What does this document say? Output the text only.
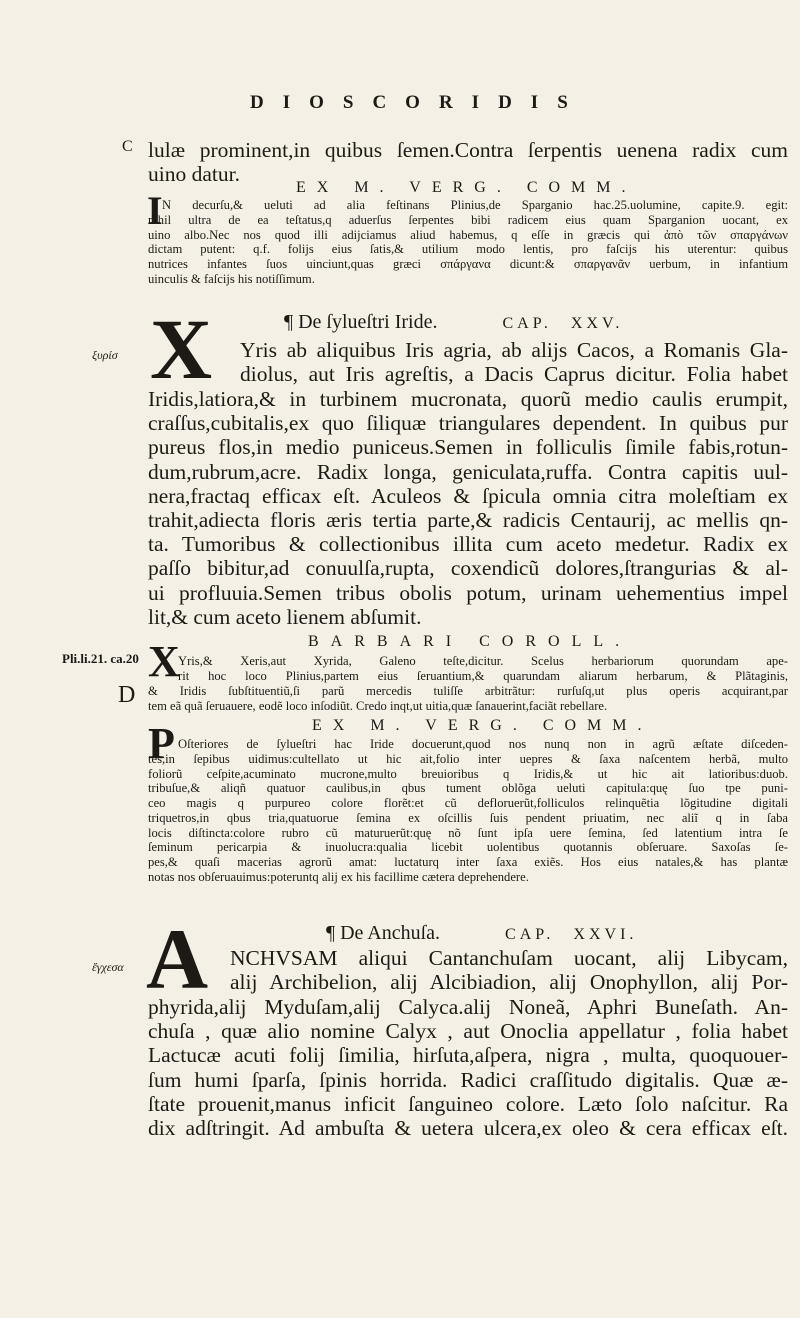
DIOSCORIDIS
C
ξυρίσ
Pli.li.21. ca.20
D
ἔγχεσα
lulæ prominent,in quibus ſemen.Contra ſerpentis uenena radix cum
uino datur.
EX M. VERG. COMM.
I N decurſu,& ueluti ad alia feſtinans Plinius,de Sparganio hac.25.uolumine, capite.9. egit:
nihil ultra de ea teſtatus,q aduerſus ſerpentes bibi radicem eius quam Sparganion uocant, ex
uino albo.Nec nos quod illi adijciamus aliud habemus, q eſſe in græcis qui ἀπὸ τῶν σπαργάνων
dictam putent: q.f. folijs eius ſatis,& utilium modo lentis, pro faſcijs his uterentur: quibus
nutrices infantes ſuos uinciunt,quas græci σπάργανα dicunt:& σπαργανᾶν uerbum, in infantium
uinculis & faſcijs his notiſſimum.
¶ De ſylueſtri Iride.	CAP. XXV.
X Yris ab aliquibus Iris agria, ab alijs Cacos, a Romanis Gla-
diolus, aut Iris agreſtis, a Dacis Caprus dicitur. Folia habet
Iridis,latiora,& in turbinem mucronata, quorũ medio caulis erumpit,
craſſus,cubitalis,ex quo ſiliquæ triangulares dependent. In quibus pur
pureus flos,in medio puniceus.Semen in folliculis ſimile fabis,rotun-
dum,rubrum,acre. Radix longa, geniculata,ruffa. Contra capitis uul-
nera,fractaq efficax eſt. Aculeos & ſpicula omnia citra moleſtiam ex
trahit,adiecta floris æris tertia parte,& radicis Centaurij, ac mellis qn-
ta. Tumoribus & collectionibus illita cum aceto medetur. Radix ex
paſſo bibitur,ad conuulſa,rupta, coxendicũ dolores,ſtrangurias & al-
ui profluuia.Semen tribus obolis potum, urinam uehementius impel
lit,& cum aceto lienem abſumit.
BARBARI COROLL.
X
Yris,& Xeris,aut Xyrida, Galeno teſte,dicitur. Scelus herbariorum quorundam ape-
rit hoc loco Plinius,partem eius ſeruantium,& quarundam aliarum herbarum, & Plãtaginis,
& Iridis ſubſtituentiũ,ſi parũ mercedis tuliſſe arbitrãtur: rurſuſq,ut plus operis acquirant,par
tem eã quã ſeruauere, eodẽ loco inſodiũt. Credo inqt,ut uitia,quæ ſanauerint,faciãt rebellare.
EX M. VERG. COMM.
P Oſteriores de ſylueſtri hac Iride docuerunt,quod nos nunq non in agrũ æſtate diſceden-
tes,in ſepibus uidimus:cultellato ut hic ait,folio inter uepres & ſaxa naſcentem herbã, multo
foliorũ ceſpite,acuminato mucrone,multo breuioribus q Iridis,& ut hic ait latioribus:duob.
tribuſue,& aliqñ quatuor caulibus,in qbus tument oblõga ueluti capitula:quę ſuo tpe puni-
ceo magis q purpureo colore florẽt:et cũ defloruerũt,folliculos relinquẽtia lõgitudine digitali
triquetros,in qbus tria,quatuorue ſemina ex oſcillis ſuis pendent priuatim, nec aliĩ q in ſaba
locis diſtincta:colore rubro cũ maturuerũt:quę nõ ſunt ipſa uere ſemina, ſed latentium intra ſe
ſeminum pericarpia & inuolucra:qualia licebit uolentibus quotannis obſeruare. Saxoſas ſe-
pes,& quaſi macerias agrorũ amat: luctaturq inter ſaxa exiẽs. Hos eius natales,& has plantæ
notas nos obſeruauimus:poteruntq alij ex his facillime cætera deprehendere.
¶ De Anchuſa.	CAP. XXVI.
A NCHVSAM aliqui Cantanchuſam uocant, alij Libycam,
alij Archibelion, alij Alcibiadion, alij Onophyllon, alij Por-
phyrida,alij Myduſam,alij Calyca.alij Noneã, Aphri Buneſath. An-
chuſa , quæ alio nomine Calyx , aut Onoclia appellatur , folia habet
Lactucæ acuti folij ſimilia, hirſuta,aſpera, nigra , multa, quoquouer-
ſum humi ſparſa, ſpinis horrida. Radici craſſitudo digitalis. Quæ æ-
ſtate prouenit,manus inficit ſanguineo colore. Læto ſolo naſcitur. Ra
dix adſtringit. Ad ambuſta & uetera ulcera,ex oleo & cera efficax eſt.
